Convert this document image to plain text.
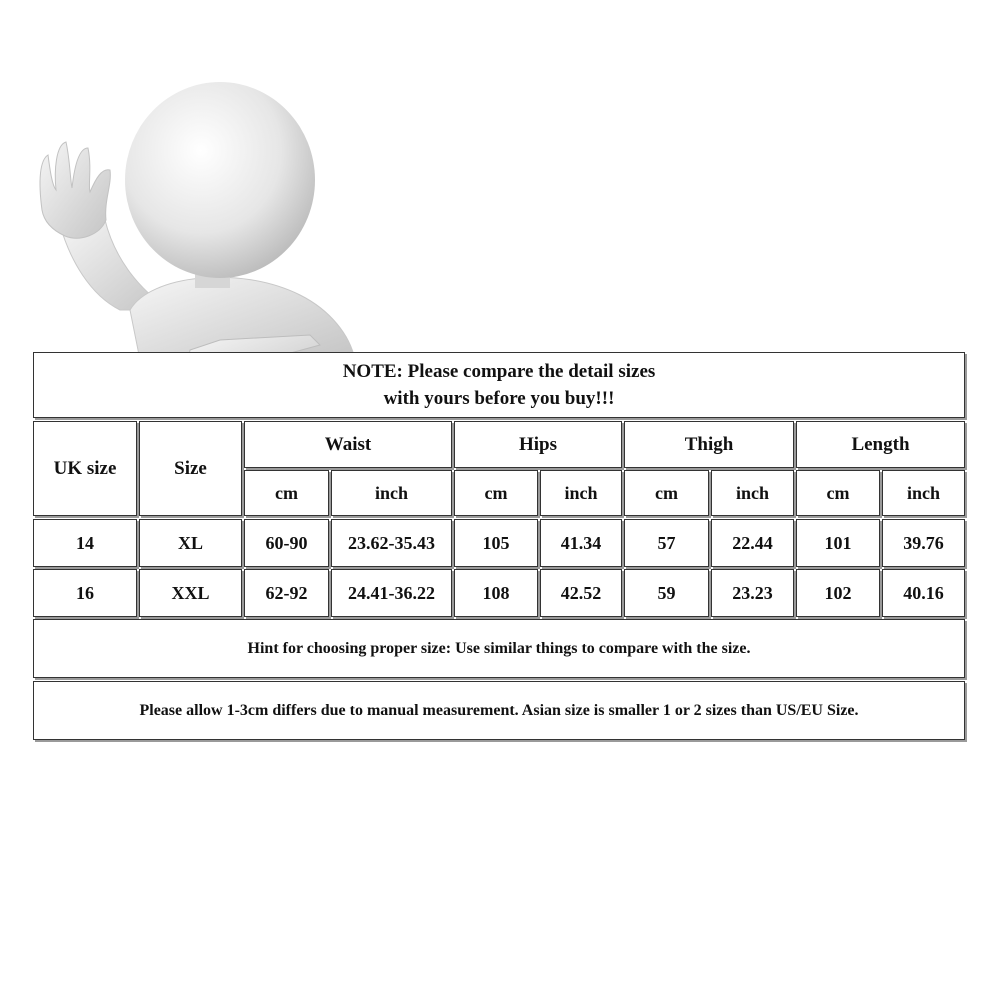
NOTE: Please compare the detail sizes
with yours before you buy!!!
UK size	Size
Waist	Hips	Thigh	Length
cm	inch	cm	inch	cm	inch	cm	inch
14	XL	60-90	23.62-35.43	105	41.34	57	22.44	101	39.76
16	XXL	62-92	24.41-36.22	108	42.52	59	23.23	102	40.16
Hint for choosing proper size: Use similar things to compare with the size.
Please allow 1-3cm differs due to manual measurement. Asian size is smaller 1 or 2 sizes than US/EU Size.
